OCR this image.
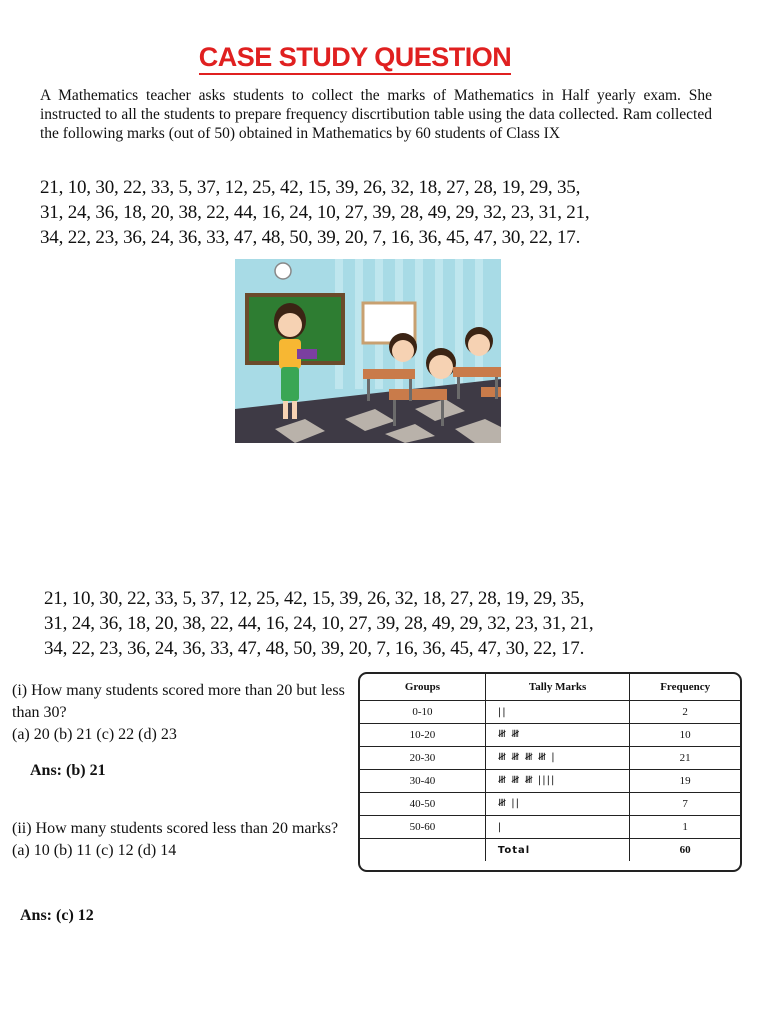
CASE STUDY QUESTION
A Mathematics teacher asks students to collect the marks of Mathematics in Half yearly exam. She instructed to all the students to prepare frequency discrtibution table using the data collected. Ram collected the following marks (out of 50) obtained in Mathematics by 60 students of Class IX
21, 10, 30, 22, 33, 5, 37, 12, 25, 42, 15, 39, 26, 32, 18, 27, 28, 19, 29, 35,
31, 24, 36, 18, 20, 38, 22, 44, 16, 24, 10, 27, 39, 28, 49, 29, 32, 23, 31, 21,
34, 22, 23, 36, 24, 36, 33, 47, 48, 50, 39, 20, 7, 16, 36, 45, 47, 30, 22, 17.
21, 10, 30, 22, 33, 5, 37, 12, 25, 42, 15, 39, 26, 32, 18, 27, 28, 19, 29, 35,
31, 24, 36, 18, 20, 38, 22, 44, 16, 24, 10, 27, 39, 28, 49, 29, 32, 23, 31, 21,
34, 22, 23, 36, 24, 36, 33, 47, 48, 50, 39, 20, 7, 16, 36, 45, 47, 30, 22, 17.
(i) How many students scored more than 20 but less than 30?
(a) 20 (b) 21 (c) 22 (d) 23
Ans: (b) 21
(ii) How many students scored less than 20 marks?
(a) 10 (b) 11 (c) 12 (d) 14
Ans: (c) 12
Groups	Tally Marks	Frequency
0-10	||	2
10-20	𝍸 𝍸	10
20-30	𝍸 𝍸 𝍸 𝍸 |	21
30-40	𝍸 𝍸 𝍸 ||||	19
40-50	𝍸 ||	7
50-60	|	1
	Total	60
